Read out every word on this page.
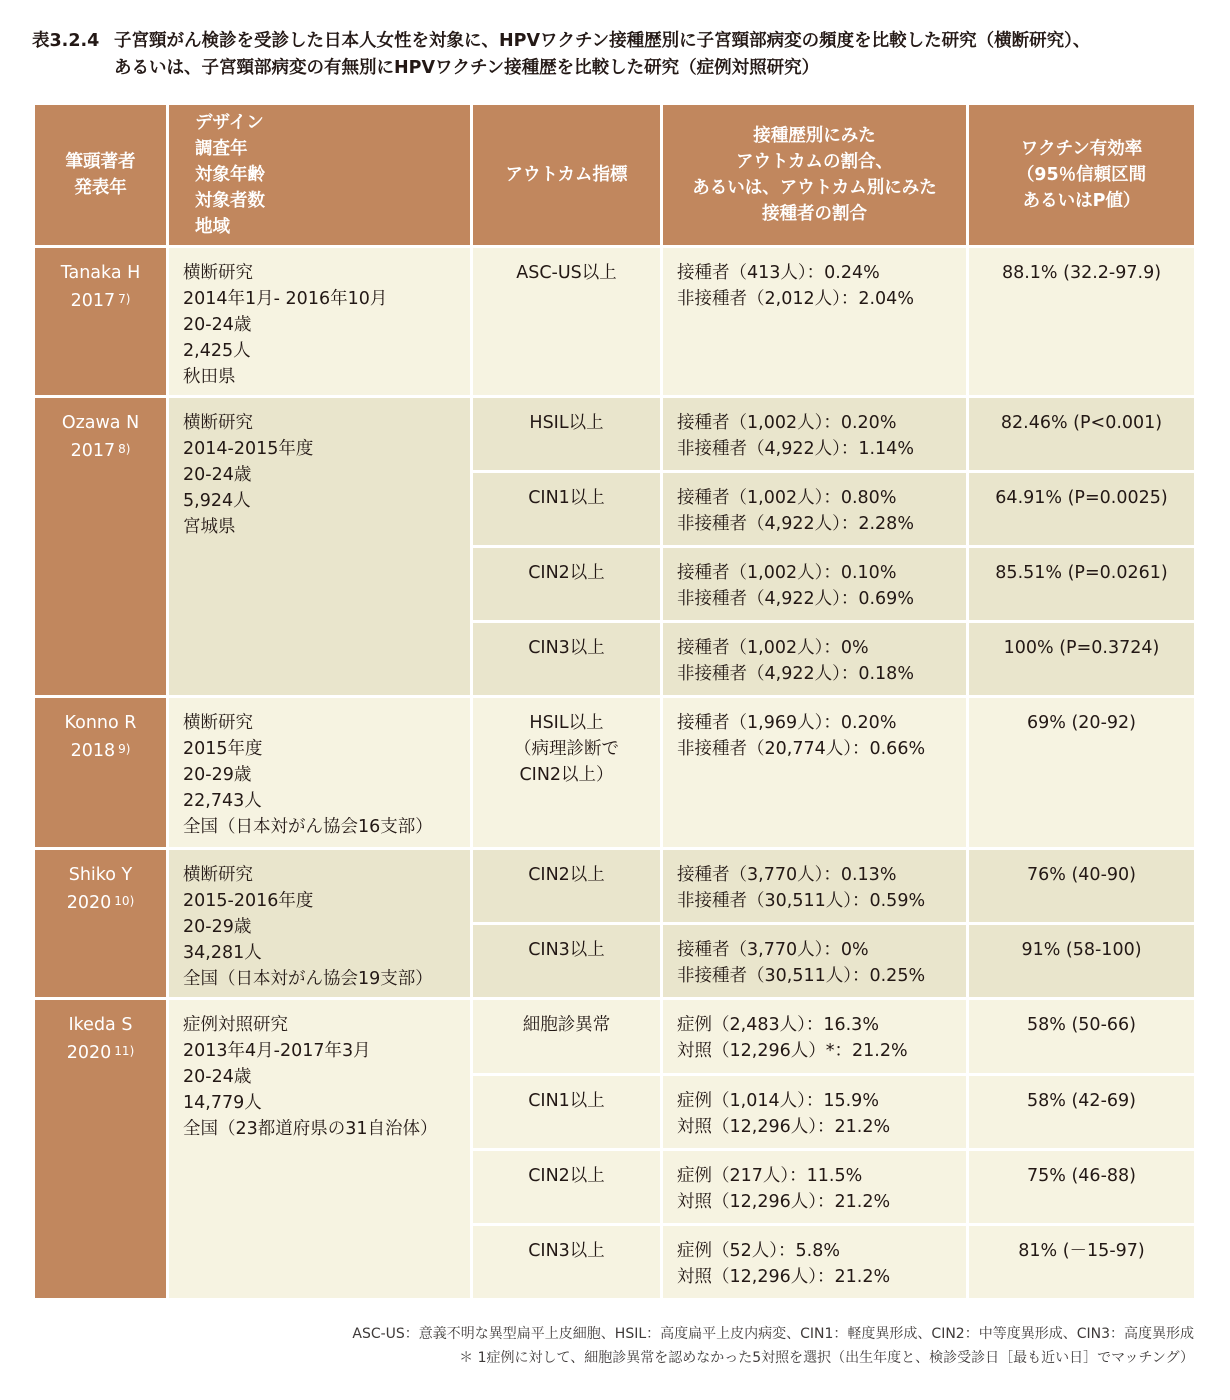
表3.2.4 子宮頸がん検診を受診した日本人女性を対象に、HPVワクチン接種歴別に子宮頸部病変の頻度を比較した研究（横断研究）、
あるいは、子宮頸部病変の有無別にHPVワクチン接種歴を比較した研究（症例対照研究）
筆頭著者
発表年	デザイン
調査年
対象年齢
対象者数
地域	アウトカム指標	接種歴別にみた
アウトカムの割合、
あるいは、アウトカム別にみた
接種者の割合	ワクチン有効率
（95％信頼区間
あるいはP値）

Tanaka H
2017 $^{7)}$	横断研究
2014年1月- 2016年10月
20-24歳
2,425人
秋田県	ASC-US以上	接種者（413人）：0.24%
非接種者（2,012人）：2.04%	88.1% (32.2-97.9)

Ozawa N
2017 $^{8)}$	横断研究
2014-2015年度
20-24歳
5,924人
宮城県	HSIL以上	接種者（1,002人）：0.20%
非接種者（4,922人）：1.14%	82.46% (P<0.001)

		CIN1以上	接種者（1,002人）：0.80%
非接種者（4,922人）：2.28%	64.91% (P=0.0025)

		CIN2以上	接種者（1,002人）：0.10%
非接種者（4,922人）：0.69%	85.51% (P=0.0261)

		CIN3以上	接種者（1,002人）：0%
非接種者（4,922人）：0.18%	100% (P=0.3724)

Konno R
2018 $^{9)}$	横断研究
2015年度
20-29歳
22,743人
全国（日本対がん協会16支部）	HSIL以上
（病理診断で
CIN2以上）	接種者（1,969人）：0.20%
非接種者（20,774人）：0.66%	69% (20-92)

Shiko Y
2020 $^{10)}$	横断研究
2015-2016年度
20-29歳
34,281人
全国（日本対がん協会19支部）	CIN2以上	接種者（3,770人）：0.13%
非接種者（30,511人）：0.59%	76% (40-90)

		CIN3以上	接種者（3,770人）：0%
非接種者（30,511人）：0.25%	91% (58-100)

Ikeda S
2020 $^{11)}$	症例対照研究
2013年4月-2017年3月
20-24歳
14,779人
全国（23都道府県の31自治体）	細胞診異常	症例（2,483人）：16.3%
対照（12,296人）*：21.2%	58% (50-66)

		CIN1以上	症例（1,014人）：15.9%
対照（12,296人）：21.2%	58% (42-69)

		CIN2以上	症例（217人）：11.5%
対照（12,296人）：21.2%	75% (46-88)

		CIN3以上	症例（52人）：5.8%
対照（12,296人）：21.2%	81% (－15-97)
ASC-US：意義不明な異型扁平上皮細胞、HSIL：高度扁平上皮内病変、CIN1：軽度異形成、CIN2：中等度異形成、CIN3：高度異形成
＊ 1症例に対して、細胞診異常を認めなかった5対照を選択（出生年度と、検診受診日［最も近い日］でマッチング）
